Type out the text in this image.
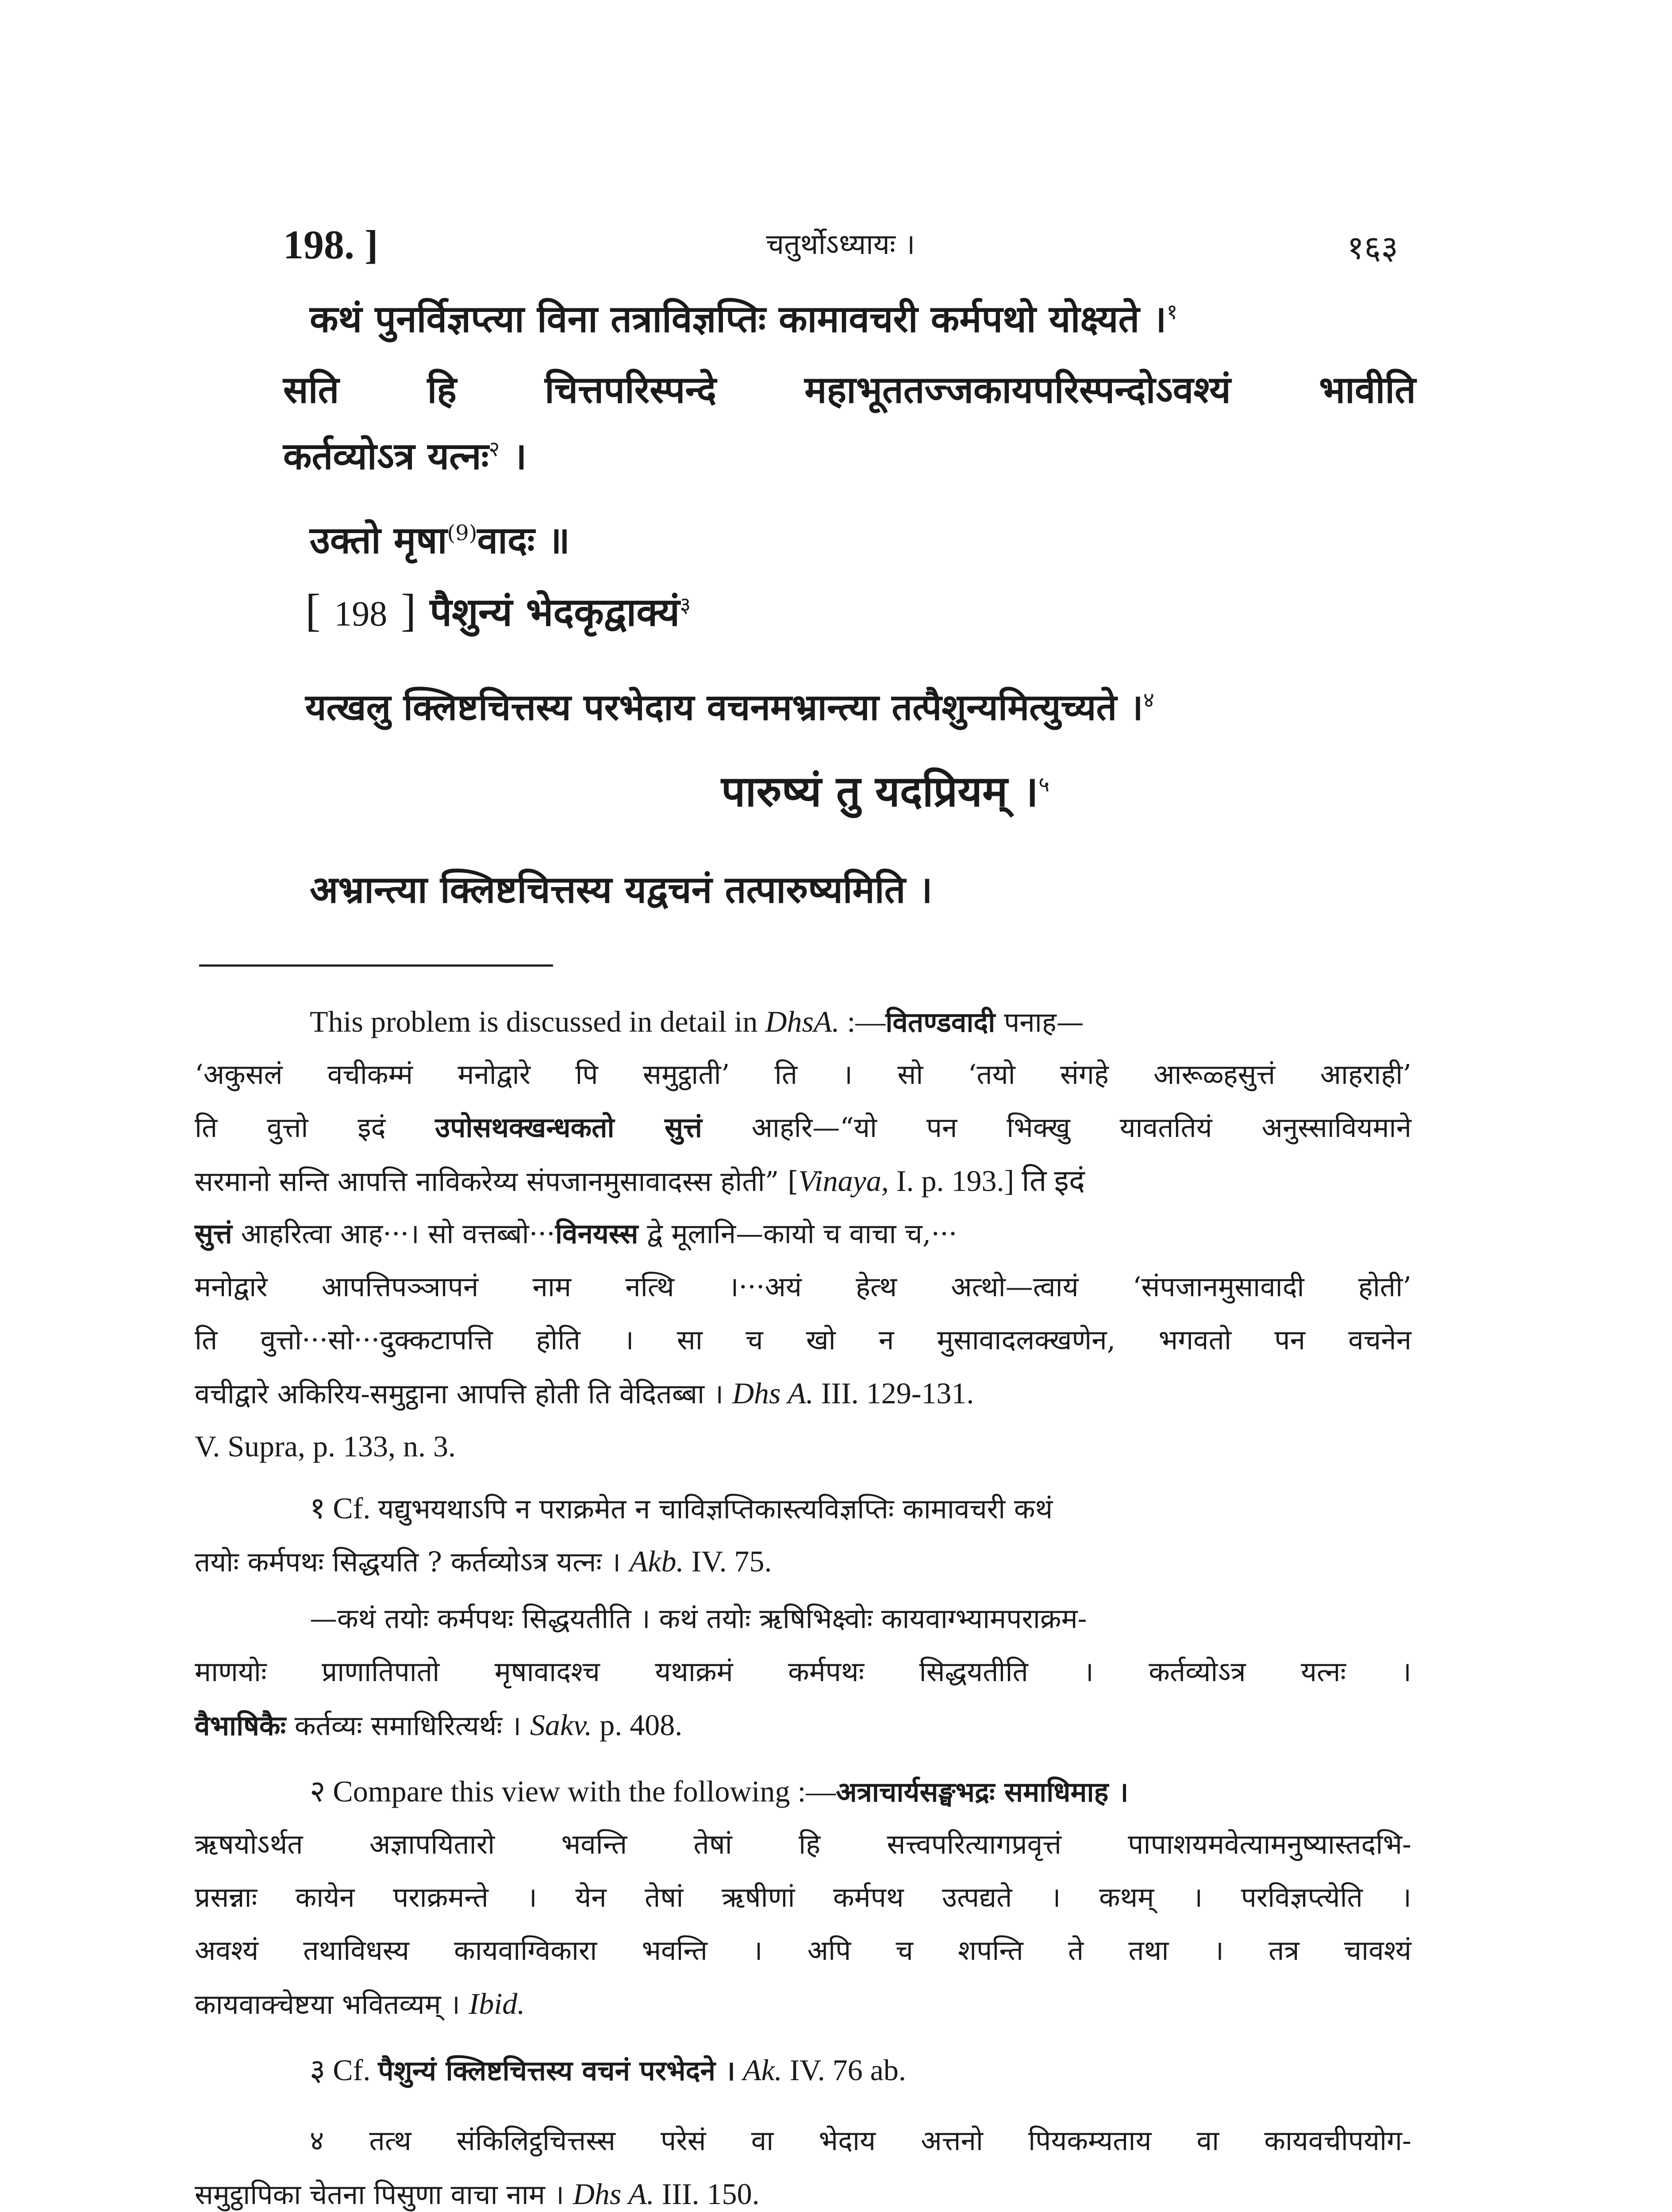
198. ]	चतुर्थोऽध्यायः ।	१६३
कथं पुनर्विज्ञप्त्या विना तत्राविज्ञप्तिः कामावचरी कर्मपथो योक्ष्यते ।$^१$
सति हि चित्तपरिस्पन्दे महाभूततज्जकायपरिस्पन्दोऽवश्यं भावीति
कर्तव्योऽत्र यत्नः$^२$ ।
उक्तो मृषा$^{(9)}$वादः ॥
[ 198 ] पैशुन्यं भेदकृद्वाक्यं$^३$
यत्खलु क्लिष्टचित्तस्य परभेदाय वचनमभ्रान्त्या तत्पैशुन्यमित्युच्यते ।$^४$
पारुष्यं तु यदप्रियम् ।$^५$
अभ्रान्त्या क्लिष्टचित्तस्य यद्वचनं तत्पारुष्यमिति ।
This problem is discussed in detail in DhsA. :—वितण्डवादी पनाह—
‘अकुसलं वचीकम्मं मनोद्वारे पि समुट्ठाती’ ति । सो ‘तयो संगहे आरूळ्हसुत्तं आहराही’
ति वुत्तो इदं उपोसथक्खन्धकतो सुत्तं आहरि—“यो पन भिक्खु यावततियं अनुस्सावियमाने
सरमानो सन्ति आपत्ति नाविकरेय्य संपजानमुसावादस्स होती” [Vinaya, I. p. 193.] ति इदं
सुत्तं आहरित्वा आह···। सो वत्तब्बो···विनयस्स द्वे मूलानि—कायो च वाचा च,···
मनोद्वारे आपत्तिपञ्ञापनं नाम नत्थि ।···अयं हेत्थ अत्थो—त्वायं ‘संपजानमुसावादी होती’
ति वुत्तो···सो···दुक्कटापत्ति होति । सा च खो न मुसावादलक्खणेन, भगवतो पन वचनेन
वचीद्वारे अकिरिय-समुट्ठाना आपत्ति होती ति वेदितब्बा । Dhs A. III. 129-131.
V. Supra, p. 133, n. 3.
१ Cf. यद्युभयथाऽपि न पराक्रमेत न चाविज्ञप्तिकास्त्यविज्ञप्तिः कामावचरी कथं
तयोः कर्मपथः सिद्धयति ? कर्तव्योऽत्र यत्नः । Akb. IV. 75.
—कथं तयोः कर्मपथः सिद्धयतीति । कथं तयोः ऋषिभिक्ष्वोः कायवाग्भ्यामपराक्रम-
माणयोः प्राणातिपातो मृषावादश्च यथाक्रमं कर्मपथः सिद्धयतीति । कर्तव्योऽत्र यत्नः ।
वैभाषिकैः कर्तव्यः समाधिरित्यर्थः । Sakv. p. 408.
२ Compare this view with the following :—अत्राचार्यसङ्घभद्रः समाधिमाह ।
ऋषयोऽर्थत अज्ञापयितारो भवन्ति तेषां हि सत्त्वपरित्यागप्रवृत्तं पापाशयमवेत्यामनुष्यास्तदभि-
प्रसन्नाः कायेन पराक्रमन्ते । येन तेषां ऋषीणां कर्मपथ उत्पद्यते । कथम् । परविज्ञप्त्येति ।
अवश्यं तथाविधस्य कायवाग्विकारा भवन्ति । अपि च शपन्ति ते तथा । तत्र चावश्यं
कायवाक्चेष्टया भवितव्यम् । Ibid.
३ Cf. पैशुन्यं क्लिष्टचित्तस्य वचनं परभेदने । Ak. IV. 76 ab.
४ तत्थ संकिलिट्ठचित्तस्स परेसं वा भेदाय अत्तनो पियकम्यताय वा कायवचीपयोग-
समुट्ठापिका चेतना पिसुणा वाचा नाम । Dhs A. III. 150.
